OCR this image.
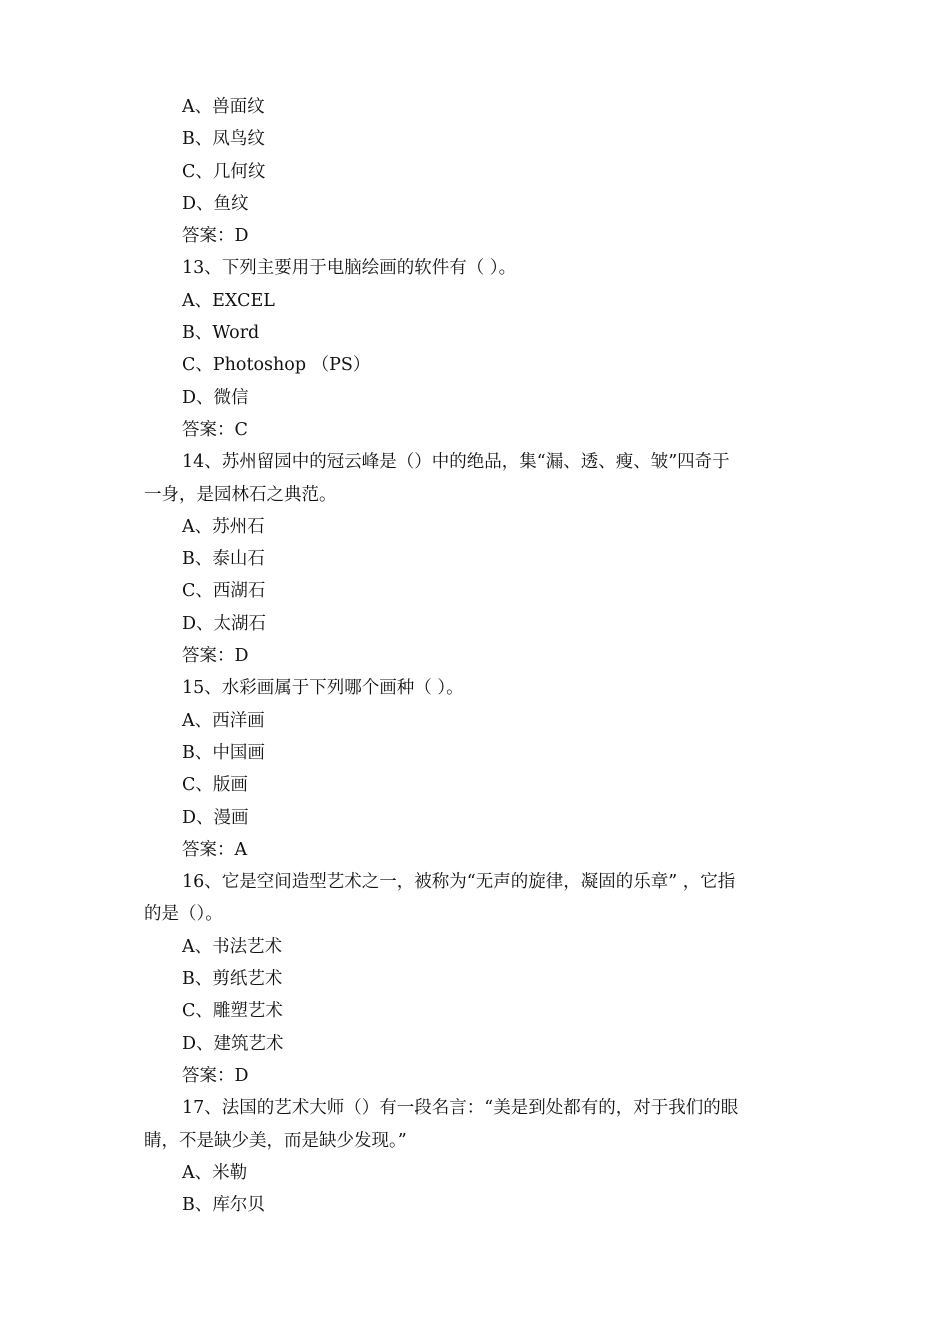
A、兽面纹
B、凤鸟纹
C、几何纹
D、鱼纹
答案：D
13、下列主要用于电脑绘画的软件有（ ）。
A、EXCEL
B、Word
C、Photoshop （PS）
D、微信
答案：C
14、苏州留园中的冠云峰是（）中的绝品，集“漏、透、瘦、皱”四奇于
一身，是园林石之典范。
A、苏州石
B、泰山石
C、西湖石
D、太湖石
答案：D
15、水彩画属于下列哪个画种（ ）。
A、西洋画
B、中国画
C、版画
D、漫画
答案：A
16、它是空间造型艺术之一，被称为“无声的旋律，凝固的乐章” ，它指
的是（）。
A、书法艺术
B、剪纸艺术
C、雕塑艺术
D、建筑艺术
答案：D
17、法国的艺术大师（）有一段名言：“美是到处都有的，对于我们的眼
睛，不是缺少美，而是缺少发现。”
A、米勒
B、库尔贝
